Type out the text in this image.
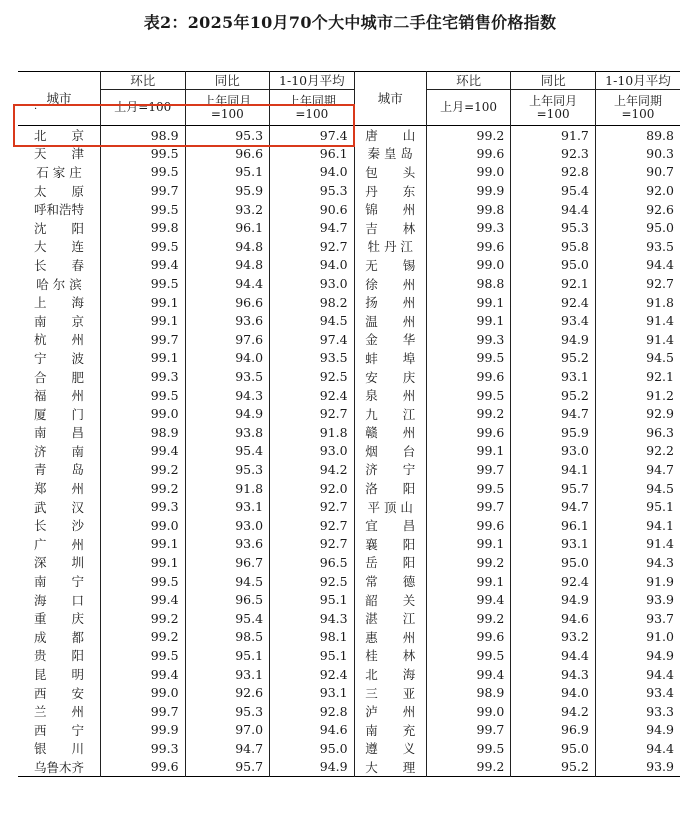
表2：2025年10月70个大中城市二手住宅销售价格指数
城市	环比	同比	1-10月平均	城市	环比	同比	1-10月平均
	上月=100	上年同月=100	上年同期=100		上月=100	上年同月=100	上年同期=100
北　　京	98.9	95.3	97.4	唐　　山	99.2	91.7	89.8
天　　津	99.5	96.6	96.1	秦 皇 岛	99.6	92.3	90.3
石 家 庄	99.5	95.1	94.0	包　　头	99.0	92.8	90.7
太　　原	99.7	95.9	95.3	丹　　东	99.9	95.4	92.0
呼和浩特	99.5	93.2	90.6	锦　　州	99.8	94.4	92.6
沈　　阳	99.8	96.1	94.7	吉　　林	99.3	95.3	95.0
大　　连	99.5	94.8	92.7	牡 丹 江	99.6	95.8	93.5
长　　春	99.4	94.8	94.0	无　　锡	99.0	95.0	94.4
哈 尔 滨	99.5	94.4	93.0	徐　　州	98.8	92.1	92.7
上　　海	99.1	96.6	98.2	扬　　州	99.1	92.4	91.8
南　　京	99.1	93.6	94.5	温　　州	99.1	93.4	91.4
杭　　州	99.7	97.6	97.4	金　　华	99.3	94.9	91.4
宁　　波	99.1	94.0	93.5	蚌　　埠	99.5	95.2	94.5
合　　肥	99.3	93.5	92.5	安　　庆	99.6	93.1	92.1
福　　州	99.5	94.3	92.4	泉　　州	99.5	95.2	91.2
厦　　门	99.0	94.9	92.7	九　　江	99.2	94.7	92.9
南　　昌	98.9	93.8	91.8	赣　　州	99.6	95.9	96.3
济　　南	99.4	95.4	93.0	烟　　台	99.1	93.0	92.2
青　　岛	99.2	95.3	94.2	济　　宁	99.7	94.1	94.7
郑　　州	99.2	91.8	92.0	洛　　阳	99.5	95.7	94.5
武　　汉	99.3	93.1	92.7	平 顶 山	99.7	94.7	95.1
长　　沙	99.0	93.0	92.7	宜　　昌	99.6	96.1	94.1
广　　州	99.1	93.6	92.7	襄　　阳	99.1	93.1	91.4
深　　圳	99.1	96.7	96.5	岳　　阳	99.2	95.0	94.3
南　　宁	99.5	94.5	92.5	常　　德	99.1	92.4	91.9
海　　口	99.4	96.5	95.1	韶　　关	99.4	94.9	93.9
重　　庆	99.2	95.4	94.3	湛　　江	99.2	94.6	93.7
成　　都	99.2	98.5	98.1	惠　　州	99.6	93.2	91.0
贵　　阳	99.5	95.1	95.1	桂　　林	99.5	94.4	94.9
昆　　明	99.4	93.1	92.4	北　　海	99.4	94.3	94.4
西　　安	99.0	92.6	93.1	三　　亚	98.9	94.0	93.4
兰　　州	99.7	95.3	92.8	泸　　州	99.0	94.2	93.3
西　　宁	99.9	97.0	94.6	南　　充	99.7	96.9	94.9
银　　川	99.3	94.7	95.0	遵　　义	99.5	95.0	94.4
乌鲁木齐	99.6	95.7	94.9	大　　理	99.2	95.2	93.9
·
